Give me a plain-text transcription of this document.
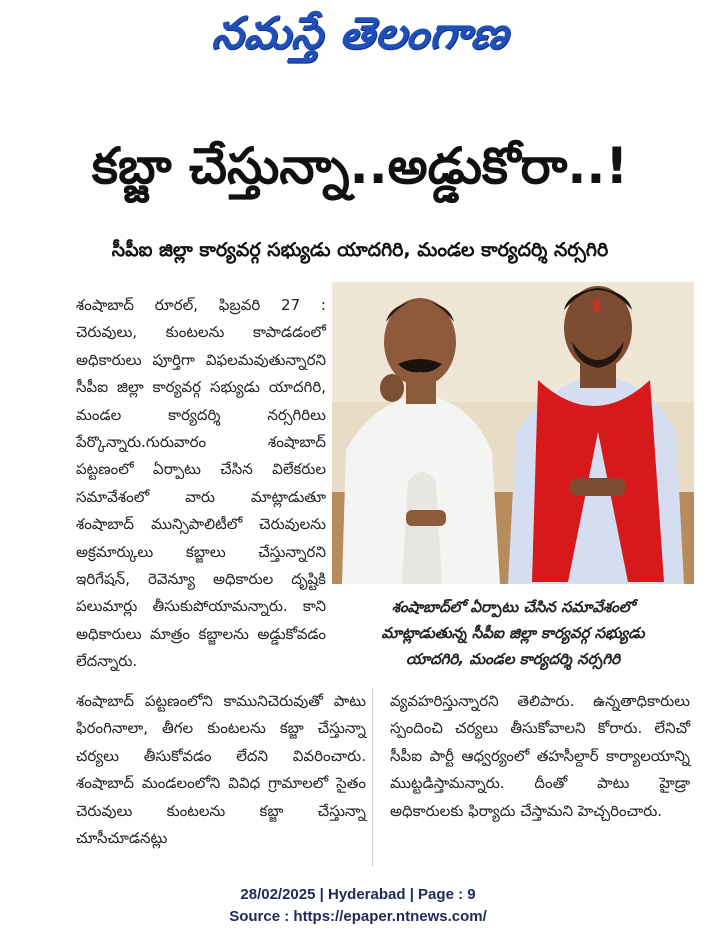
నమస్తే తెలంగాణ
కబ్జా చేస్తున్నా..అడ్డుకోరా..!
సీపీఐ జిల్లా కార్యవర్గ సభ్యుడు యాదగిరి, మండల కార్యదర్శి నర్సగిరి
శంషాబాద్ రూరల్, ఫిబ్రవరి 27 : చెరువులు, కుంటలను కాపాడడంలో అధికారులు పూర్తిగా విఫలమవుతున్నారని సీపీఐ జిల్లా కార్యవర్గ సభ్యుడు యాదగిరి, మండల కార్యదర్శి నర్సగిరిలు పేర్కొన్నారు.గురువారం శంషాబాద్ పట్టణంలో ఏర్పాటు చేసిన విలేకరుల సమావేశంలో వారు మాట్లాడుతూ శంషాబాద్ మున్సిపాలిటీలో చెరువులను అక్రమార్కులు కబ్జాలు చేస్తున్నారని ఇరిగేషన్, రెవెన్యూ అధికారుల దృష్టికి పలుమార్లు తీసుకుపోయామన్నారు. కాని అధికారులు మాత్రం కబ్జాలను అడ్డుకోవడం లేదన్నారు.
శంషాబాద్‌లో ఏర్పాటు చేసిన సమావేశంలో
మాట్లాడుతున్న సీపీఐ జిల్లా కార్యవర్గ సభ్యుడు
యాదగిరి, మండల కార్యదర్శి నర్సగిరి
శంషాబాద్ పట్టణంలోని కామునిచెరువుతో పాటు ఫిరంగినాలా, తీగల కుంటలను కబ్జా చేస్తున్నా చర్యలు తీసుకోవడం లేదని వివరించారు. శంషాబాద్ మండలంలోని వివిధ గ్రామాలలో సైతం చెరువులు కుంటలను కబ్జా చేస్తున్నా చూసీచూడనట్లు
వ్యవహరిస్తున్నారని తెలిపారు. ఉన్నతాధికారులు స్పందించి చర్యలు తీసుకోవాలని కోరారు. లేనిచో సీపీఐ పార్టీ ఆధ్వర్యంలో తహసీల్దార్ కార్యాలయాన్ని ముట్టడిస్తామన్నారు. దీంతో పాటు హైడ్రా అధికారులకు ఫిర్యాదు చేస్తామని హెచ్చరించారు.
28/02/2025 | Hyderabad | Page : 9
Source : https://epaper.ntnews.com/
